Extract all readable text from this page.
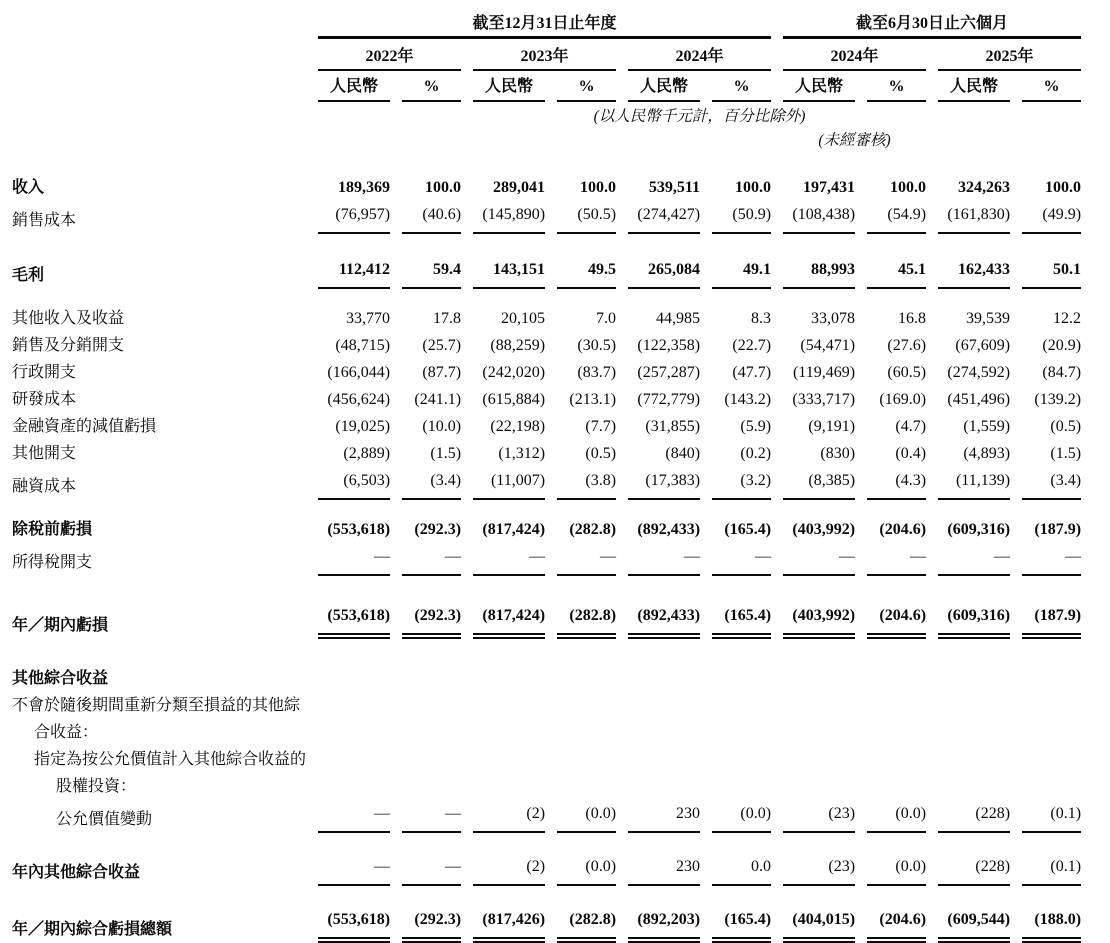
	截至12月31日止年度						截至6月30日止六個月			
	2022年		2023年		2024年		2024年		2025年	
	人民幣	%	人民幣	%	人民幣	%	人民幣	%	人民幣	%
	(以人民幣千元計，百分比除外)									
							(未經審核)			

收入	189,369	100.0	289,041	100.0	539,511	100.0	197,431	100.0	324,263	100.0
銷售成本	(76,957)	(40.6)	(145,890)	(50.5)	(274,427)	(50.9)	(108,438)	(54.9)	(161,830)	(49.9)

毛利	112,412	59.4	143,151	49.5	265,084	49.1	88,993	45.1	162,433	50.1

其他收入及收益	33,770	17.8	20,105	7.0	44,985	8.3	33,078	16.8	39,539	12.2
銷售及分銷開支	(48,715)	(25.7)	(88,259)	(30.5)	(122,358)	(22.7)	(54,471)	(27.6)	(67,609)	(20.9)
行政開支	(166,044)	(87.7)	(242,020)	(83.7)	(257,287)	(47.7)	(119,469)	(60.5)	(274,592)	(84.7)
研發成本	(456,624)	(241.1)	(615,884)	(213.1)	(772,779)	(143.2)	(333,717)	(169.0)	(451,496)	(139.2)
金融資產的減值虧損	(19,025)	(10.0)	(22,198)	(7.7)	(31,855)	(5.9)	(9,191)	(4.7)	(1,559)	(0.5)
其他開支	(2,889)	(1.5)	(1,312)	(0.5)	(840)	(0.2)	(830)	(0.4)	(4,893)	(1.5)
融資成本	(6,503)	(3.4)	(11,007)	(3.8)	(17,383)	(3.2)	(8,385)	(4.3)	(11,139)	(3.4)

除稅前虧損	(553,618)	(292.3)	(817,424)	(282.8)	(892,433)	(165.4)	(403,992)	(204.6)	(609,316)	(187.9)
所得稅開支	—	—	—	—	—	—	—	—	—	—

年／期內虧損	(553,618)	(292.3)	(817,424)	(282.8)	(892,433)	(165.4)	(403,992)	(204.6)	(609,316)	(187.9)

其他綜合收益										
不會於隨後期間重新分類至損益的其他綜										
合收益：										
指定為按公允價值計入其他綜合收益的										
股權投資：										
公允價值變動	—	—	(2)	(0.0)	230	(0.0)	(23)	(0.0)	(228)	(0.1)

年內其他綜合收益	—	—	(2)	(0.0)	230	0.0	(23)	(0.0)	(228)	(0.1)

年／期內綜合虧損總額	(553,618)	(292.3)	(817,426)	(282.8)	(892,203)	(165.4)	(404,015)	(204.6)	(609,544)	(188.0)
